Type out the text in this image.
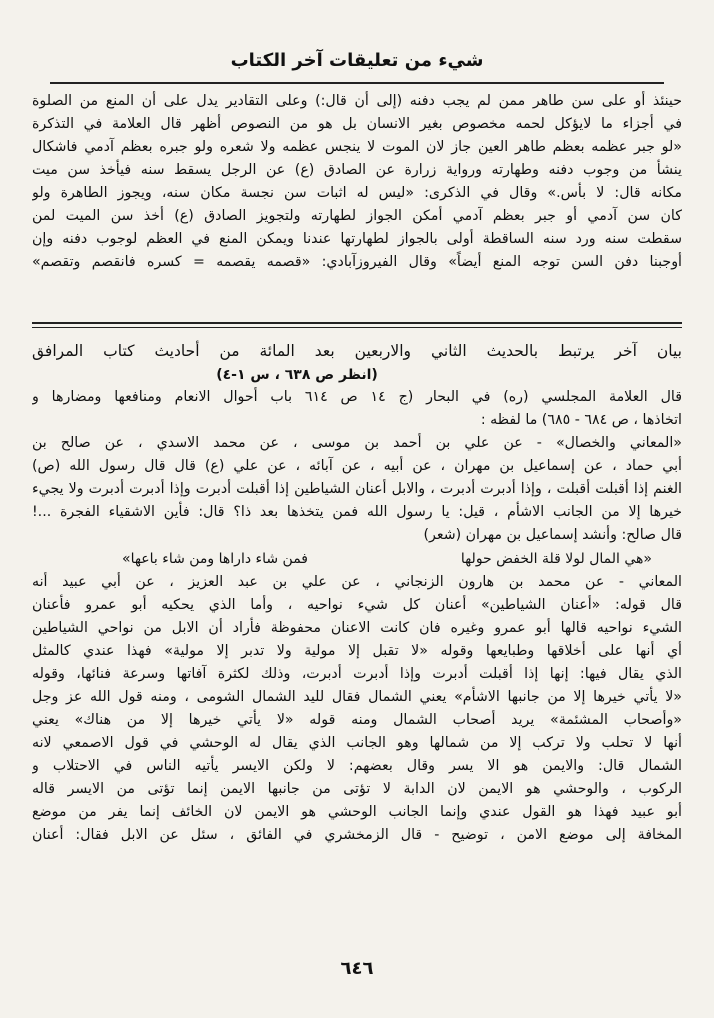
شيء من تعليقات آخر الكتاب
حينئذ أو على سن طاهر ممن لم يجب دفنه (إلى أن قال:) وعلى التقادير يدل على أن المنع من الصلوة
في أجزاء ما لايؤكل لحمه مخصوص بغير الانسان بل هو من النصوص أظهر قال العلامة في التذكرة
«لو جبر عظمه بعظم طاهر العين جاز لان الموت لا ينجس عظمه ولا شعره ولو جبره بعظم آدمي فاشكال
ينشأ من وجوب دفنه وطهارته ورواية زرارة عن الصادق (ع) عن الرجل يسقط سنه فيأخذ سن ميت
مكانه قال: لا بأس.» وقال في الذكرى: «ليس له اثبات سن نجسة مكان سنه، ويجوز الطاهرة ولو
كان سن آدمي أو جبر بعظم آدمي أمكن الجواز لطهارته ولتجويز الصادق (ع) أخذ سن الميت لمن
سقطت سنه ورد سنه الساقطة أولى بالجواز لطهارتها عندنا ويمكن المنع في العظم لوجوب دفنه وإن
أوجبنا دفن السن توجه المنع أيضاً» وقال الفيروزآبادي: «قصمه يقصمه = كسره فانقصم وتقصم»
بيان آخر يرتبط بالحديث الثاني والاربعين بعد المائة من أحاديث كتاب المرافق
(انظر ص ٦٣٨ ، س ١-٤)
قال العلامة المجلسي (ره) في البحار (ج ١٤ ص ٦١٤ باب أحوال الانعام ومنافعها ومضارها و
اتخاذها ، ص ٦٨٤ - ٦٨٥) ما لفظه :
«المعاني والخصال» - عن علي بن أحمد بن موسى ، عن محمد الاسدي ، عن صالح بن
أبي حماد ، عن إسماعيل بن مهران ، عن أبيه ، عن آبائه ، عن علي (ع) قال قال رسول الله (ص)
الغنم إذا أقبلت أقبلت ، وإذا أدبرت أدبرت ، والابل أعنان الشياطين إذا أقبلت أدبرت وإذا أدبرت أدبرت ولا يجيء
خيرها إلا من الجانب الاشأم ، قيل: يا رسول الله فمن يتخذها بعد ذا؟ قال: فأين الاشقياء الفجرة ...!
قال صالح: وأنشد إسماعيل بن مهران (شعر)
«هي المال لولا قلة الخفض حولها
فمن شاء داراها ومن شاء باعها»
المعاني - عن محمد بن هارون الزنجاني ، عن علي بن عبد العزيز ، عن أبي عبيد أنه
قال قوله: «أعنان الشياطين» أعنان كل شيء نواحيه ، وأما الذي يحكيه أبو عمرو فأعنان
الشيء نواحيه قالها أبو عمرو وغيره فان كانت الاعنان محفوظة فأراد أن الابل من نواحي الشياطين
أي أنها على أخلاقها وطبايعها وقوله «لا تقبل إلا مولية ولا تدبر إلا مولية» فهذا عندي كالمثل
الذي يقال فيها: إنها إذا أقبلت أدبرت وإذا أدبرت أدبرت، وذلك لكثرة آفاتها وسرعة فنائها، وقوله
«لا يأتي خيرها إلا من جانبها الاشأم» يعني الشمال فقال لليد الشمال الشومى ، ومنه قول الله عز وجل
«وأصحاب المشئمة» يريد أصحاب الشمال ومنه قوله «لا يأتي خيرها إلا من هناك» يعني
أنها لا تحلب ولا تركب إلا من شمالها وهو الجانب الذي يقال له الوحشي في قول الاصمعي لانه
الشمال قال: والايمن هو الا يسر وقال بعضهم: لا ولكن الايسر يأتيه الناس في الاحتلاب و
الركوب ، والوحشي هو الايمن لان الدابة لا تؤتى من جانبها الايمن إنما تؤتى من الايسر قاله
أبو عبيد فهذا هو القول عندي وإنما الجانب الوحشي هو الايمن لان الخائف إنما يفر من موضع
المخافة إلى موضع الامن ، توضيح - قال الزمخشري في الفائق ، سئل عن الابل فقال: أعنان
٦٤٦
